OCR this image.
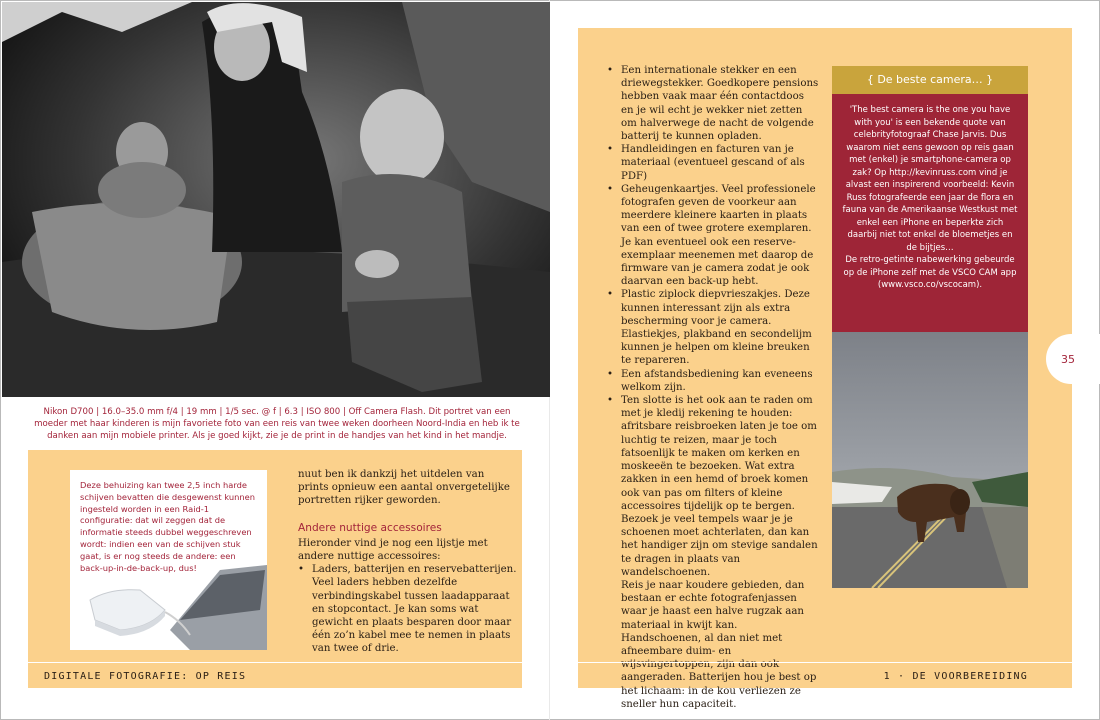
Nikon D700 | 16.0–35.0 mm f/4 | 19 mm | 1/5 sec. @ f | 6.3 | ISO 800 | Off Camera Flash. Dit portret van een moeder met haar kinderen is mijn favoriete foto van een reis van twee weken doorheen Noord-India en heb ik te danken aan mijn mobiele printer. Als je goed kijkt, zie je de print in de handjes van het kind in het mandje.
Deze behuizing kan twee 2,5 inch harde schijven bevatten die desgewenst kunnen ingesteld worden in een Raid-1 configuratie: dat wil zeggen dat de informatie steeds dubbel weggeschreven wordt: indien een van de schijven stuk gaat, is er nog steeds de andere: een back-up-in-de-back-up, dus!

nuut ben ik dankzij het uitdelen van prints opnieuw een aantal onvergetelijke portretten rijker geworden.

Andere nuttige accessoires

Hieronder vind je nog een lijstje met andere nuttige accessoires:

• Laders, batterijen en reservebatterijen. Veel laders hebben dezelfde verbindingskabel tussen laadapparaat en stopcontact. Je kan soms wat gewicht en plaats besparen door maar één zo’n kabel mee te nemen in plaats van twee of drie.

DIGITALE FOTOGRAFIE: OP REIS
• Een internationale stekker en een driewegstekker. Goedkopere pensions hebben vaak maar één contactdoos en je wil echt je wekker niet zetten om halverwege de nacht de volgende batterij te kunnen opladen.
• Handleidingen en facturen van je materiaal (eventueel gescand of als PDF)
• Geheugenkaartjes. Veel professionele fotografen geven de voorkeur aan meerdere kleinere kaarten in plaats van een of twee grotere exemplaren. Je kan eventueel ook een reserve-exemplaar meenemen met daarop de firmware van je camera zodat je ook daarvan een back-up hebt.
• Plastic ziplock diepvrieszakjes. Deze kunnen interessant zijn als extra bescherming voor je camera. Elastiekjes, plakband en secondelijm kunnen je helpen om kleine breuken te repareren.
• Een afstandsbediening kan eveneens welkom zijn.
• Ten slotte is het ook aan te raden om met je kledij rekening te houden: afritsbare reisbroeken laten je toe om luchtig te reizen, maar je toch fatsoenlijk te maken om kerken en moskeeën te bezoeken. Wat extra zakken in een hemd of broek komen ook van pas om filters of kleine accessoires tijdelijk op te bergen. Bezoek je veel tempels waar je je schoenen moet achterlaten, dan kan het handiger zijn om stevige sandalen te dragen in plaats van wandelschoenen.

Reis je naar koudere gebieden, dan bestaan er echte fotografenjassen waar je haast een halve rugzak aan materiaal in kwijt kan. Handschoenen, al dan niet met afneembare duim- en wijsvingertoppen, zijn dan ook aangeraden. Batterijen hou je best op het lichaam: in de kou verliezen ze sneller hun capaciteit.

{ De beste camera… }

'The best camera is the one you have with you' is een bekende quote van celebrityfotograaf Chase Jarvis. Dus waarom niet eens gewoon op reis gaan met (enkel) je smartphone-camera op zak? Op http://kevinruss.com vind je alvast een inspirerend voorbeeld: Kevin Russ fotografeerde een jaar de flora en fauna van de Amerikaanse Westkust met enkel een iPhone en beperkte zich daarbij niet tot enkel de bloemetjes en de bijtjes…

De retro-getinte nabewerking gebeurde op de iPhone zelf met de VSCO CAM app (www.vsco.co/vscocam).

35
1 · DE VOORBEREIDING
